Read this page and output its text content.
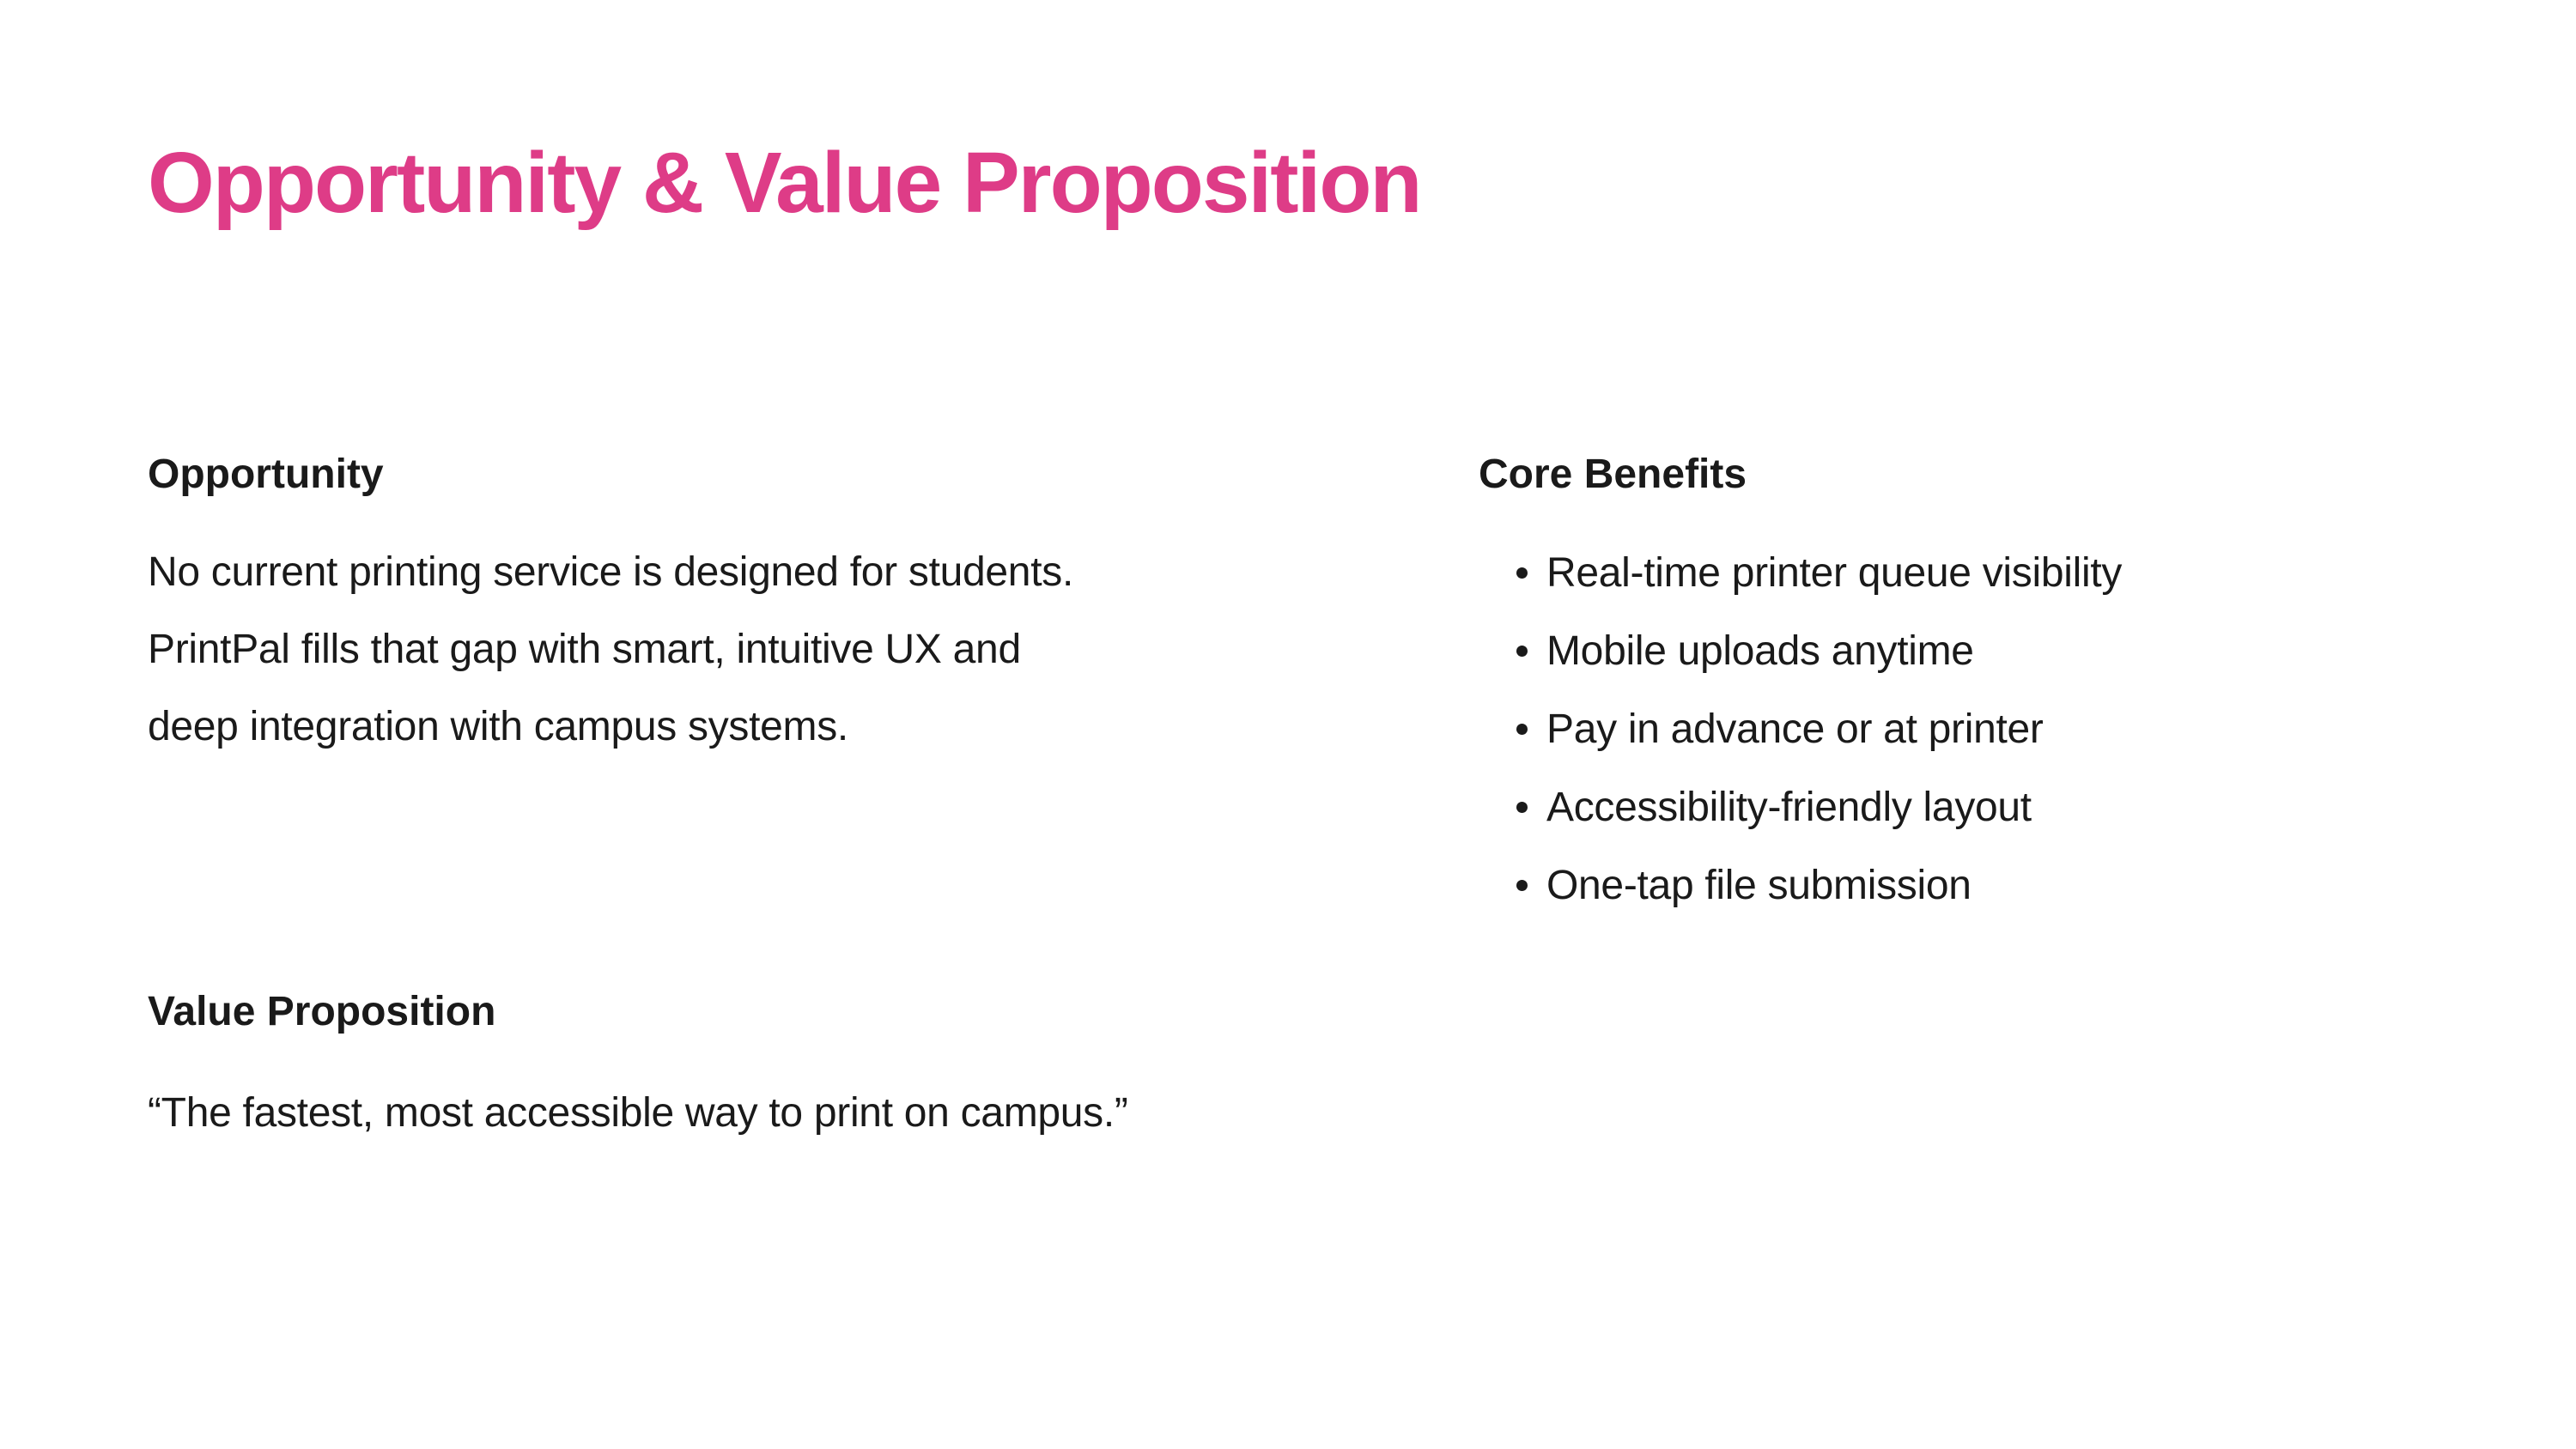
Opportunity & Value Proposition
Opportunity
No current printing service is designed for students.
PrintPal fills that gap with smart, intuitive UX and
deep integration with campus systems.
Core Benefits
Real-time printer queue visibility
Mobile uploads anytime
Pay in advance or at printer
Accessibility-friendly layout
One-tap file submission
Value Proposition

“The fastest, most accessible way to print on campus.”
